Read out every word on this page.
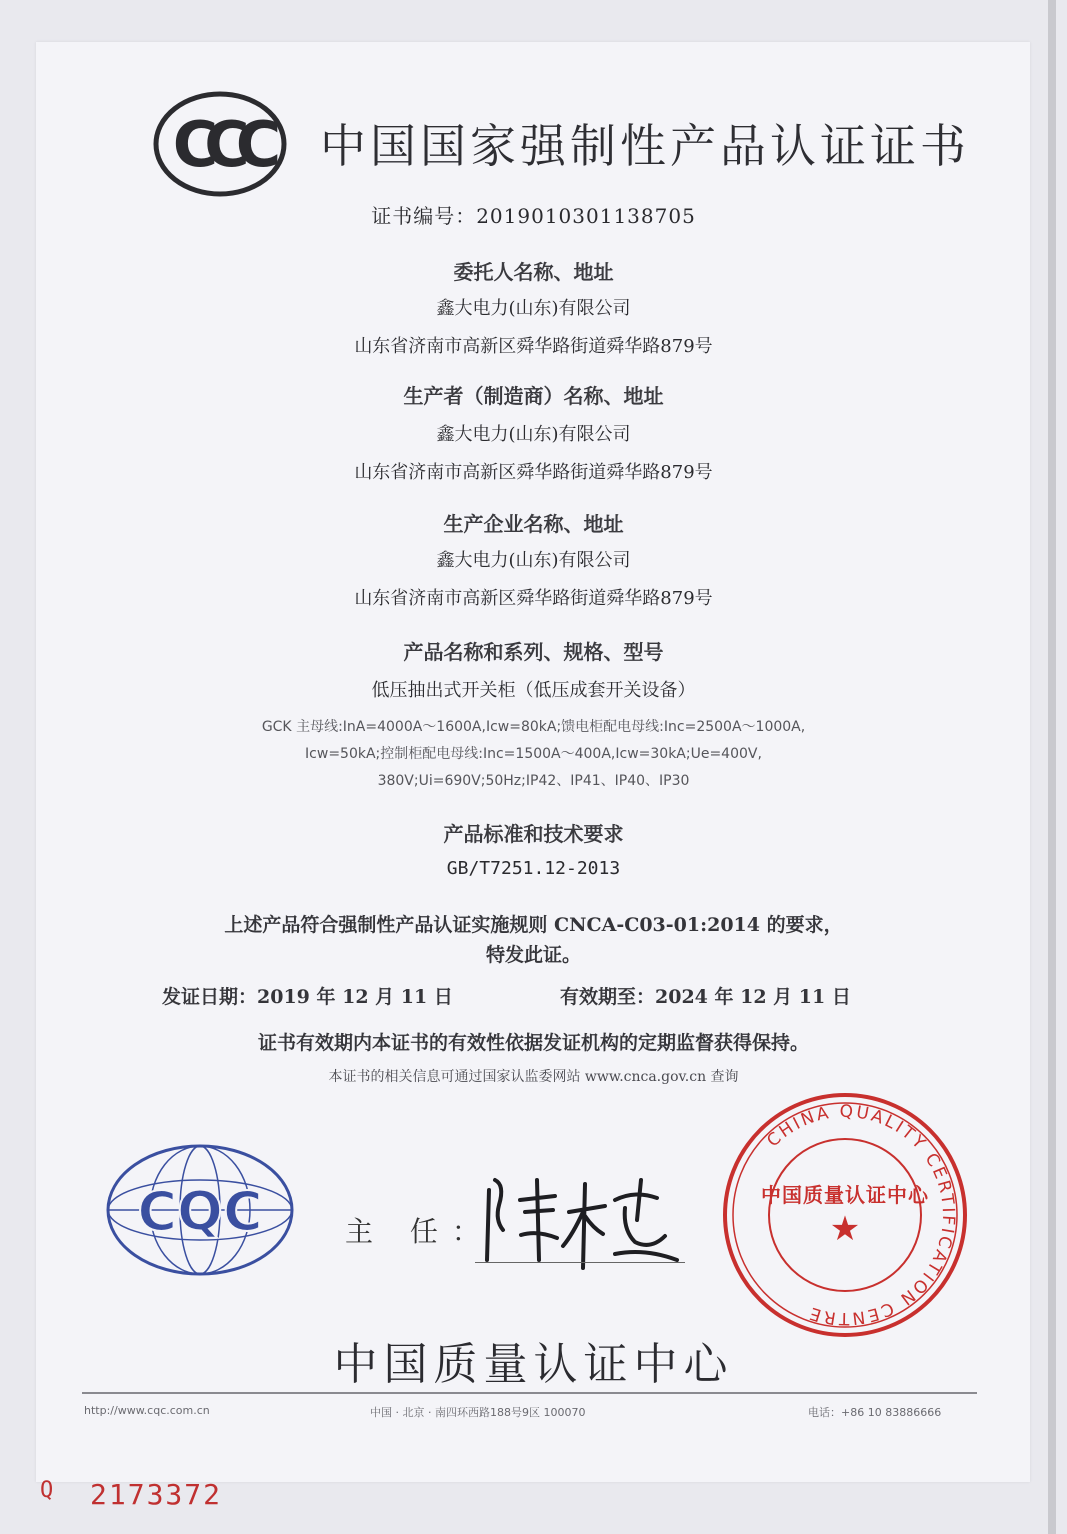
CCC 中国国家强制性产品认证证书
证书编号：2019010301138705
委托人名称、地址
鑫大电力(山东)有限公司
山东省济南市高新区舜华路街道舜华路879号
生产者（制造商）名称、地址
鑫大电力(山东)有限公司
山东省济南市高新区舜华路街道舜华路879号
生产企业名称、地址
鑫大电力(山东)有限公司
山东省济南市高新区舜华路街道舜华路879号
产品名称和系列、规格、型号
低压抽出式开关柜（低压成套开关设备）
GCK 主母线:InA=4000A～1600A,Icw=80kA;馈电柜配电母线:Inc=2500A～1000A,
Icw=50kA;控制柜配电母线:Inc=1500A～400A,Icw=30kA;Ue=400V,
380V;Ui=690V;50Hz;IP42、IP41、IP40、IP30
产品标准和技术要求
GB/T7251.12-2013
上述产品符合强制性产品认证实施规则 CNCA-C03-01:2014 的要求，
特发此证。
发证日期：2019 年 12 月 11 日	有效期至：2024 年 12 月 11 日
证书有效期内本证书的有效性依据发证机构的定期监督获得保持。
本证书的相关信息可通过国家认监委网站 www.cnca.gov.cn 查询
CQC	主 任：
CHINA QUALITY CERTIFICATION CENTRE
中国质量认证中心
★
中国质量认证中心
http://www.cqc.com.cn	中国 · 北京 · 南四环西路188号9区 100070	电话：+86 10 83886666
Q 2173372
